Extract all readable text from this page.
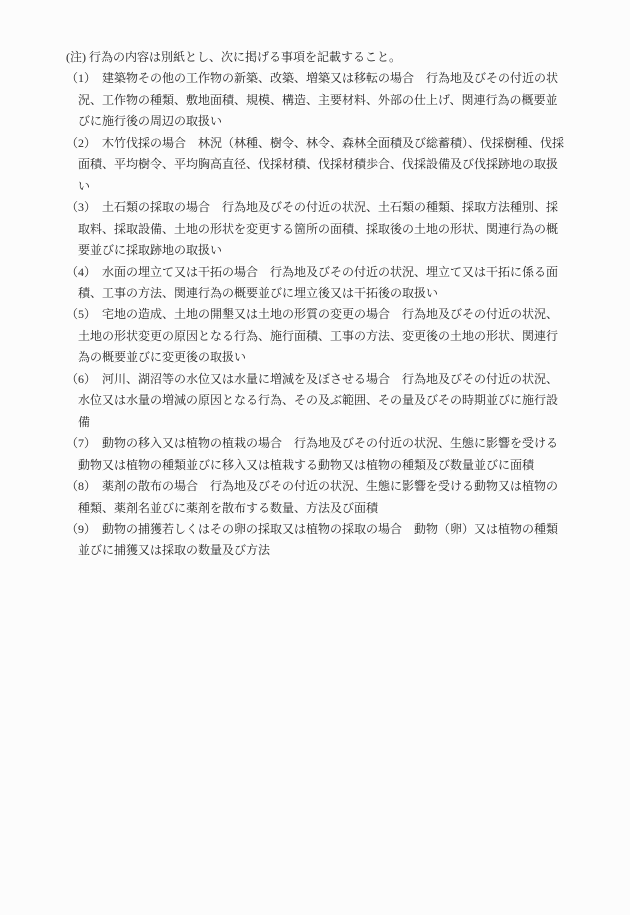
(注) 行為の内容は別紙とし、次に掲げる事項を記載すること。

（1）　建築物その他の工作物の新築、改築、増築又は移転の場合　行為地及びその付近の状況、工作物の種類、敷地面積、規模、構造、主要材料、外部の仕上げ、関連行為の概要並びに施行後の周辺の取扱い

（2）　木竹伐採の場合　林況（林種、樹令、林令、森林全面積及び総蓄積）、伐採樹種、伐採面積、平均樹令、平均胸高直径、伐採材積、伐採材積歩合、伐採設備及び伐採跡地の取扱い

（3）　土石類の採取の場合　行為地及びその付近の状況、土石類の種類、採取方法種別、採取料、採取設備、土地の形状を変更する箇所の面積、採取後の土地の形状、関連行為の概要並びに採取跡地の取扱い

（4）　水面の埋立て又は干拓の場合　行為地及びその付近の状況、埋立て又は干拓に係る面積、工事の方法、関連行為の概要並びに埋立後又は干拓後の取扱い

（5）　宅地の造成、土地の開墾又は土地の形質の変更の場合　行為地及びその付近の状況、土地の形状変更の原因となる行為、施行面積、工事の方法、変更後の土地の形状、関連行為の概要並びに変更後の取扱い

（6）　河川、湖沼等の水位又は水量に増減を及ぼさせる場合　行為地及びその付近の状況、水位又は水量の増減の原因となる行為、その及ぶ範囲、その量及びその時期並びに施行設備

（7）　動物の移入又は植物の植栽の場合　行為地及びその付近の状況、生態に影響を受ける動物又は植物の種類並びに移入又は植栽する動物又は植物の種類及び数量並びに面積

（8）　薬剤の散布の場合　行為地及びその付近の状況、生態に影響を受ける動物又は植物の種類、薬剤名並びに薬剤を散布する数量、方法及び面積

（9）　動物の捕獲若しくはその卵の採取又は植物の採取の場合　動物（卵）又は植物の種類並びに捕獲又は採取の数量及び方法
